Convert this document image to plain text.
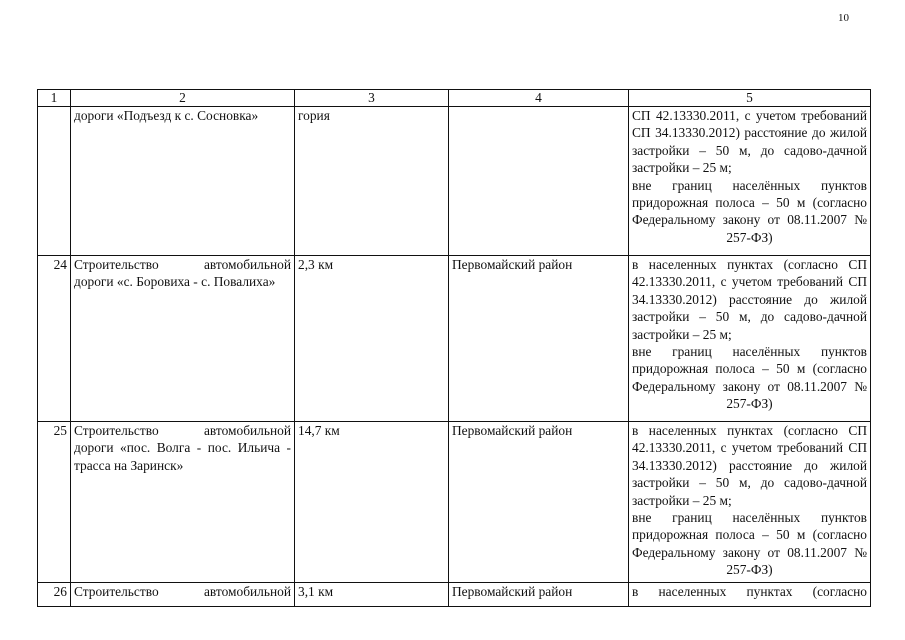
10
1	2	3	4	5
	дороги «Подъезд к с. Сосновка»	гория		СП 42.13330.2011, с учетом требований СП 34.13330.2012) расстояние до жилой застройки – 50 м, до садово-дачной застройки – 25 м;
вне границ населённых пунктов придорожная полоса – 50 м (согласно Федеральному закону от 08.11.2007 № 257-ФЗ)

24	Строительство автомобильной дороги «с. Боровиха - с. Повалиха»	2,3 км	Первомайский район	в населенных пунктах (согласно СП 42.13330.2011, с учетом требований СП 34.13330.2012) расстояние до жилой застройки – 50 м, до садово-дачной застройки – 25 м;
вне границ населённых пунктов придорожная полоса – 50 м (согласно Федеральному закону от 08.11.2007 № 257-ФЗ)

25	Строительство автомобильной дороги «пос. Волга - пос. Ильича - трасса на Заринск»	14,7 км	Первомайский район	в населенных пунктах (согласно СП 42.13330.2011, с учетом требований СП 34.13330.2012) расстояние до жилой застройки – 50 м, до садово-дачной застройки – 25 м;
вне границ населённых пунктов придорожная полоса – 50 м (согласно Федеральному закону от 08.11.2007 № 257-ФЗ)

26	Строительство автомобильной	3,1 км	Первомайский район	в населенных пунктах (согласно
